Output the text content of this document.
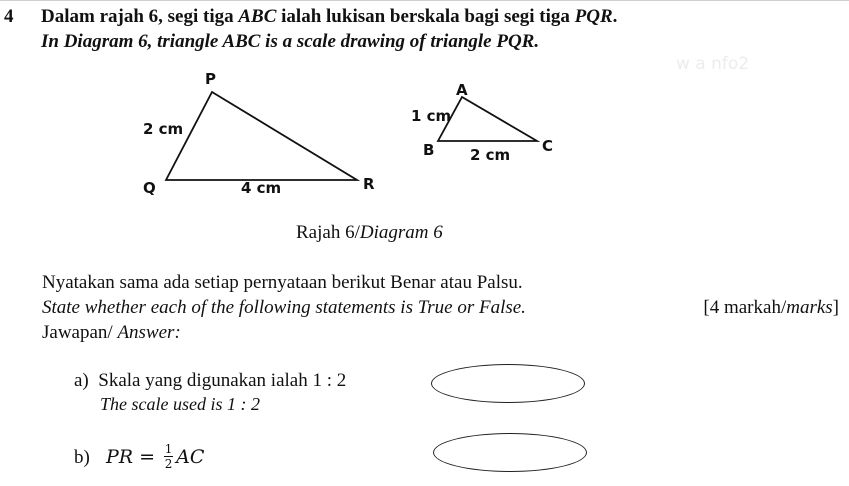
4 Dalam rajah 6, segi tiga ABC ialah lukisan berskala bagi segi tiga PQR.
In Diagram 6, triangle ABC is a scale drawing of triangle PQR.
w a nfo2
P
Q	R
2 cm
4 cm
A
B	C
1 cm
2 cm
Rajah 6/Diagram 6
Nyatakan sama ada setiap pernyataan berikut Benar atau Palsu.
State whether each of the following statements is True or False.	[4 markah/marks]
Jawapan/ Answer:
a) Skala yang digunakan ialah 1 : 2
The scale used is 1 : 2
b) PR = $\frac{1}{2}$ AC
